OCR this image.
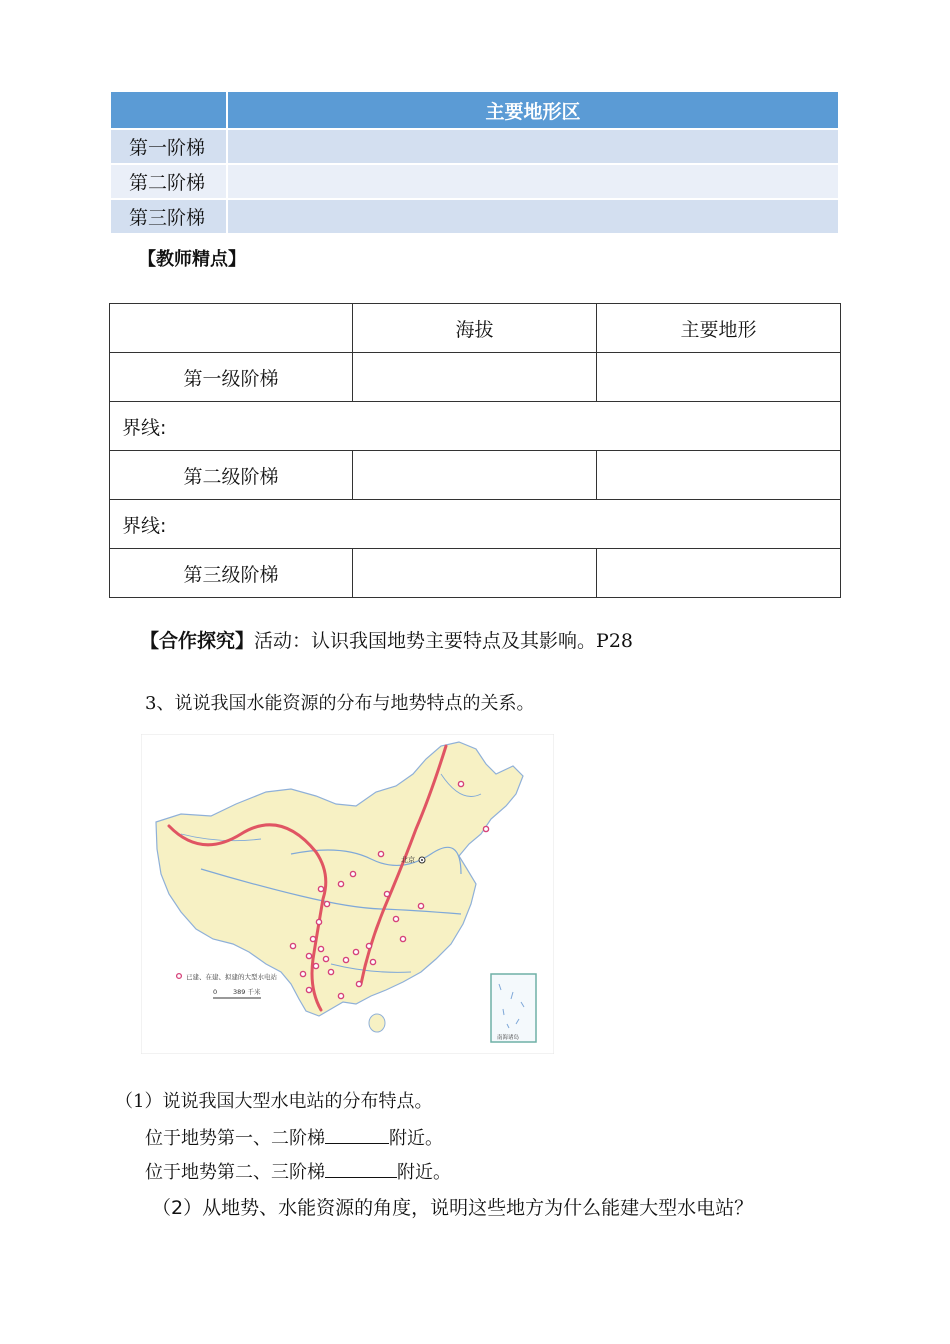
	主要地形区
第一阶梯	
第二阶梯	
第三阶梯	
【教师精点】
	海拔	主要地形
第一级阶梯		
界线:		
第二级阶梯		
界线:		
第三级阶梯		
【合作探究】活动：认识我国地势主要特点及其影响。P28
3、说说我国水能资源的分布与地势特点的关系。
北京
已建、在建、拟建的大型水电站
0 389 千米
南海诸岛
（1）说说我国大型水电站的分布特点。
位于地势第一、二阶梯	附近。
位于地势第二、三阶梯	附近。
（2）从地势、水能资源的角度，说明这些地方为什么能建大型水电站？
